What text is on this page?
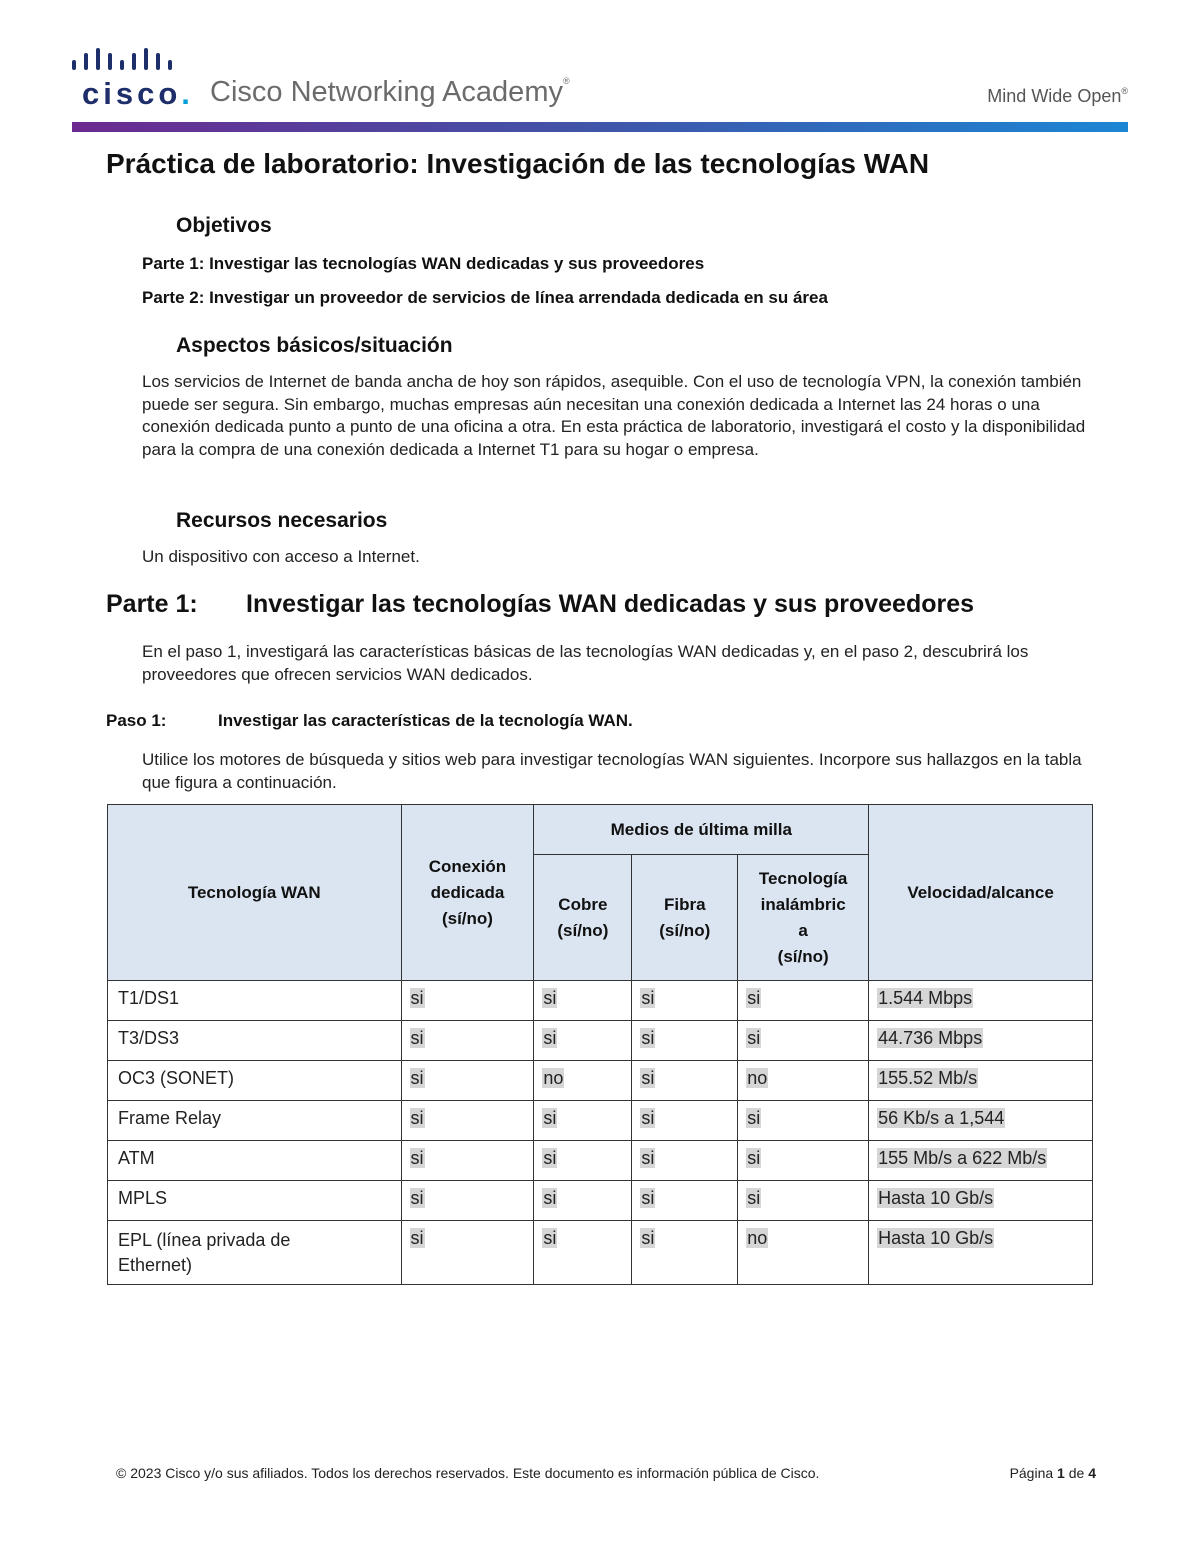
cisco. Cisco Networking Academy®
Mind Wide Open®
Práctica de laboratorio: Investigación de las tecnologías WAN
Objetivos

Parte 1: Investigar las tecnologías WAN dedicadas y sus proveedores

Parte 2: Investigar un proveedor de servicios de línea arrendada dedicada en su área

Aspectos básicos/situación

Los servicios de Internet de banda ancha de hoy son rápidos, asequible. Con el uso de tecnología VPN, la conexión también puede ser segura. Sin embargo, muchas empresas aún necesitan una conexión dedicada a Internet las 24 horas o una conexión dedicada punto a punto de una oficina a otra. En esta práctica de laboratorio, investigará el costo y la disponibilidad para la compra de una conexión dedicada a Internet T1 para su hogar o empresa.

Recursos necesarios

Un dispositivo con acceso a Internet.

Parte 1: Investigar las tecnologías WAN dedicadas y sus proveedores

En el paso 1, investigará las características básicas de las tecnologías WAN dedicadas y, en el paso 2, descubrirá los proveedores que ofrecen servicios WAN dedicados.

Paso 1:	Investigar las características de la tecnología WAN.

Utilice los motores de búsqueda y sitios web para investigar tecnologías WAN siguientes. Incorpore sus hallazgos en la tabla que figura a continuación.

Tecnología WAN	Conexión
dedicada
(sí/no)	Medios de última milla			Velocidad/alcance
		Cobre
(sí/no)	Fibra
(sí/no)	Tecnología
inalámbric
a
(sí/no)	
T1/DS1	si	si	si	si	1.544 Mbps
T3/DS3	si	si	si	si	44.736 Mbps
OC3 (SONET)	si	no	si	no	155.52 Mb/s
Frame Relay	si	si	si	si	56 Kb/s a 1,544
ATM	si	si	si	si	155 Mb/s a 622 Mb/s
MPLS	si	si	si	si	Hasta 10 Gb/s
EPL (línea privada de
Ethernet)	si	si	si	no	Hasta 10 Gb/s
© 2023 Cisco y/o sus afiliados. Todos los derechos reservados. Este documento es información pública de Cisco.	Página 1 de 4
